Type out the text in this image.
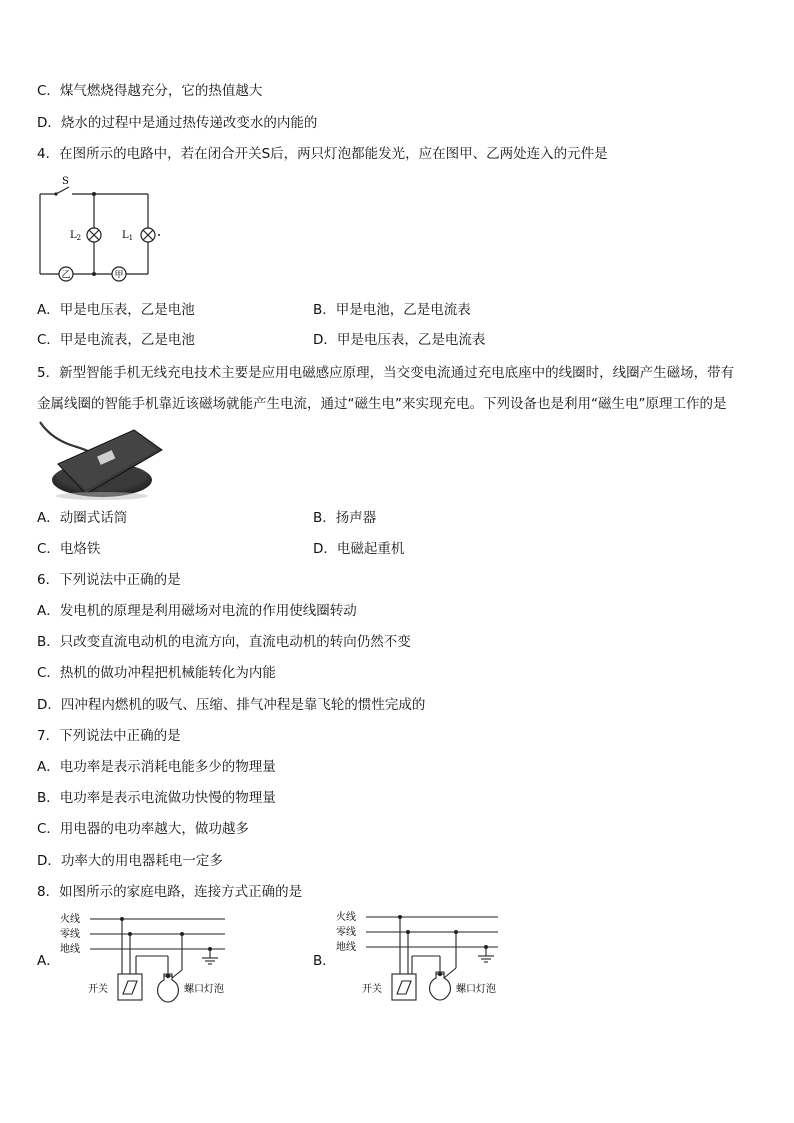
C．煤气燃烧得越充分，它的热值越大
D．烧水的过程中是通过热传递改变水的内能的
4．在图所示的电路中，若在闭合开关S后，两只灯泡都能发光，应在图甲、乙两处连入的元件是
S
$L_2$	$L_1$
乙	甲
A．甲是电压表，乙是电池	B．甲是电池，乙是电流表
C．甲是电流表，乙是电池	D．甲是电压表，乙是电流表
5．新型智能手机无线充电技术主要是应用电磁感应原理，当交变电流通过充电底座中的线圈时，线圈产生磁场，带有
金属线圈的智能手机靠近该磁场就能产生电流，通过“磁生电”来实现充电。下列设备也是利用“磁生电”原理工作的是
A．动圈式话筒	B．扬声器
C．电烙铁	D．电磁起重机
6．下列说法中正确的是
A．发电机的原理是利用磁场对电流的作用使线圈转动
B．只改变直流电动机的电流方向，直流电动机的转向仍然不变
C．热机的做功冲程把机械能转化为内能
D．四冲程内燃机的吸气、压缩、排气冲程是靠飞轮的惯性完成的
7．下列说法中正确的是
A．电功率是表示消耗电能多少的物理量
B．电功率是表示电流做功快慢的物理量
C．用电器的电功率越大，做功越多
D．功率大的用电器耗电一定多
8．如图所示的家庭电路，连接方式正确的是
A．
火线
零线
地线
开关	螺口灯泡
B．
火线
零线
地线
开关	螺口灯泡
